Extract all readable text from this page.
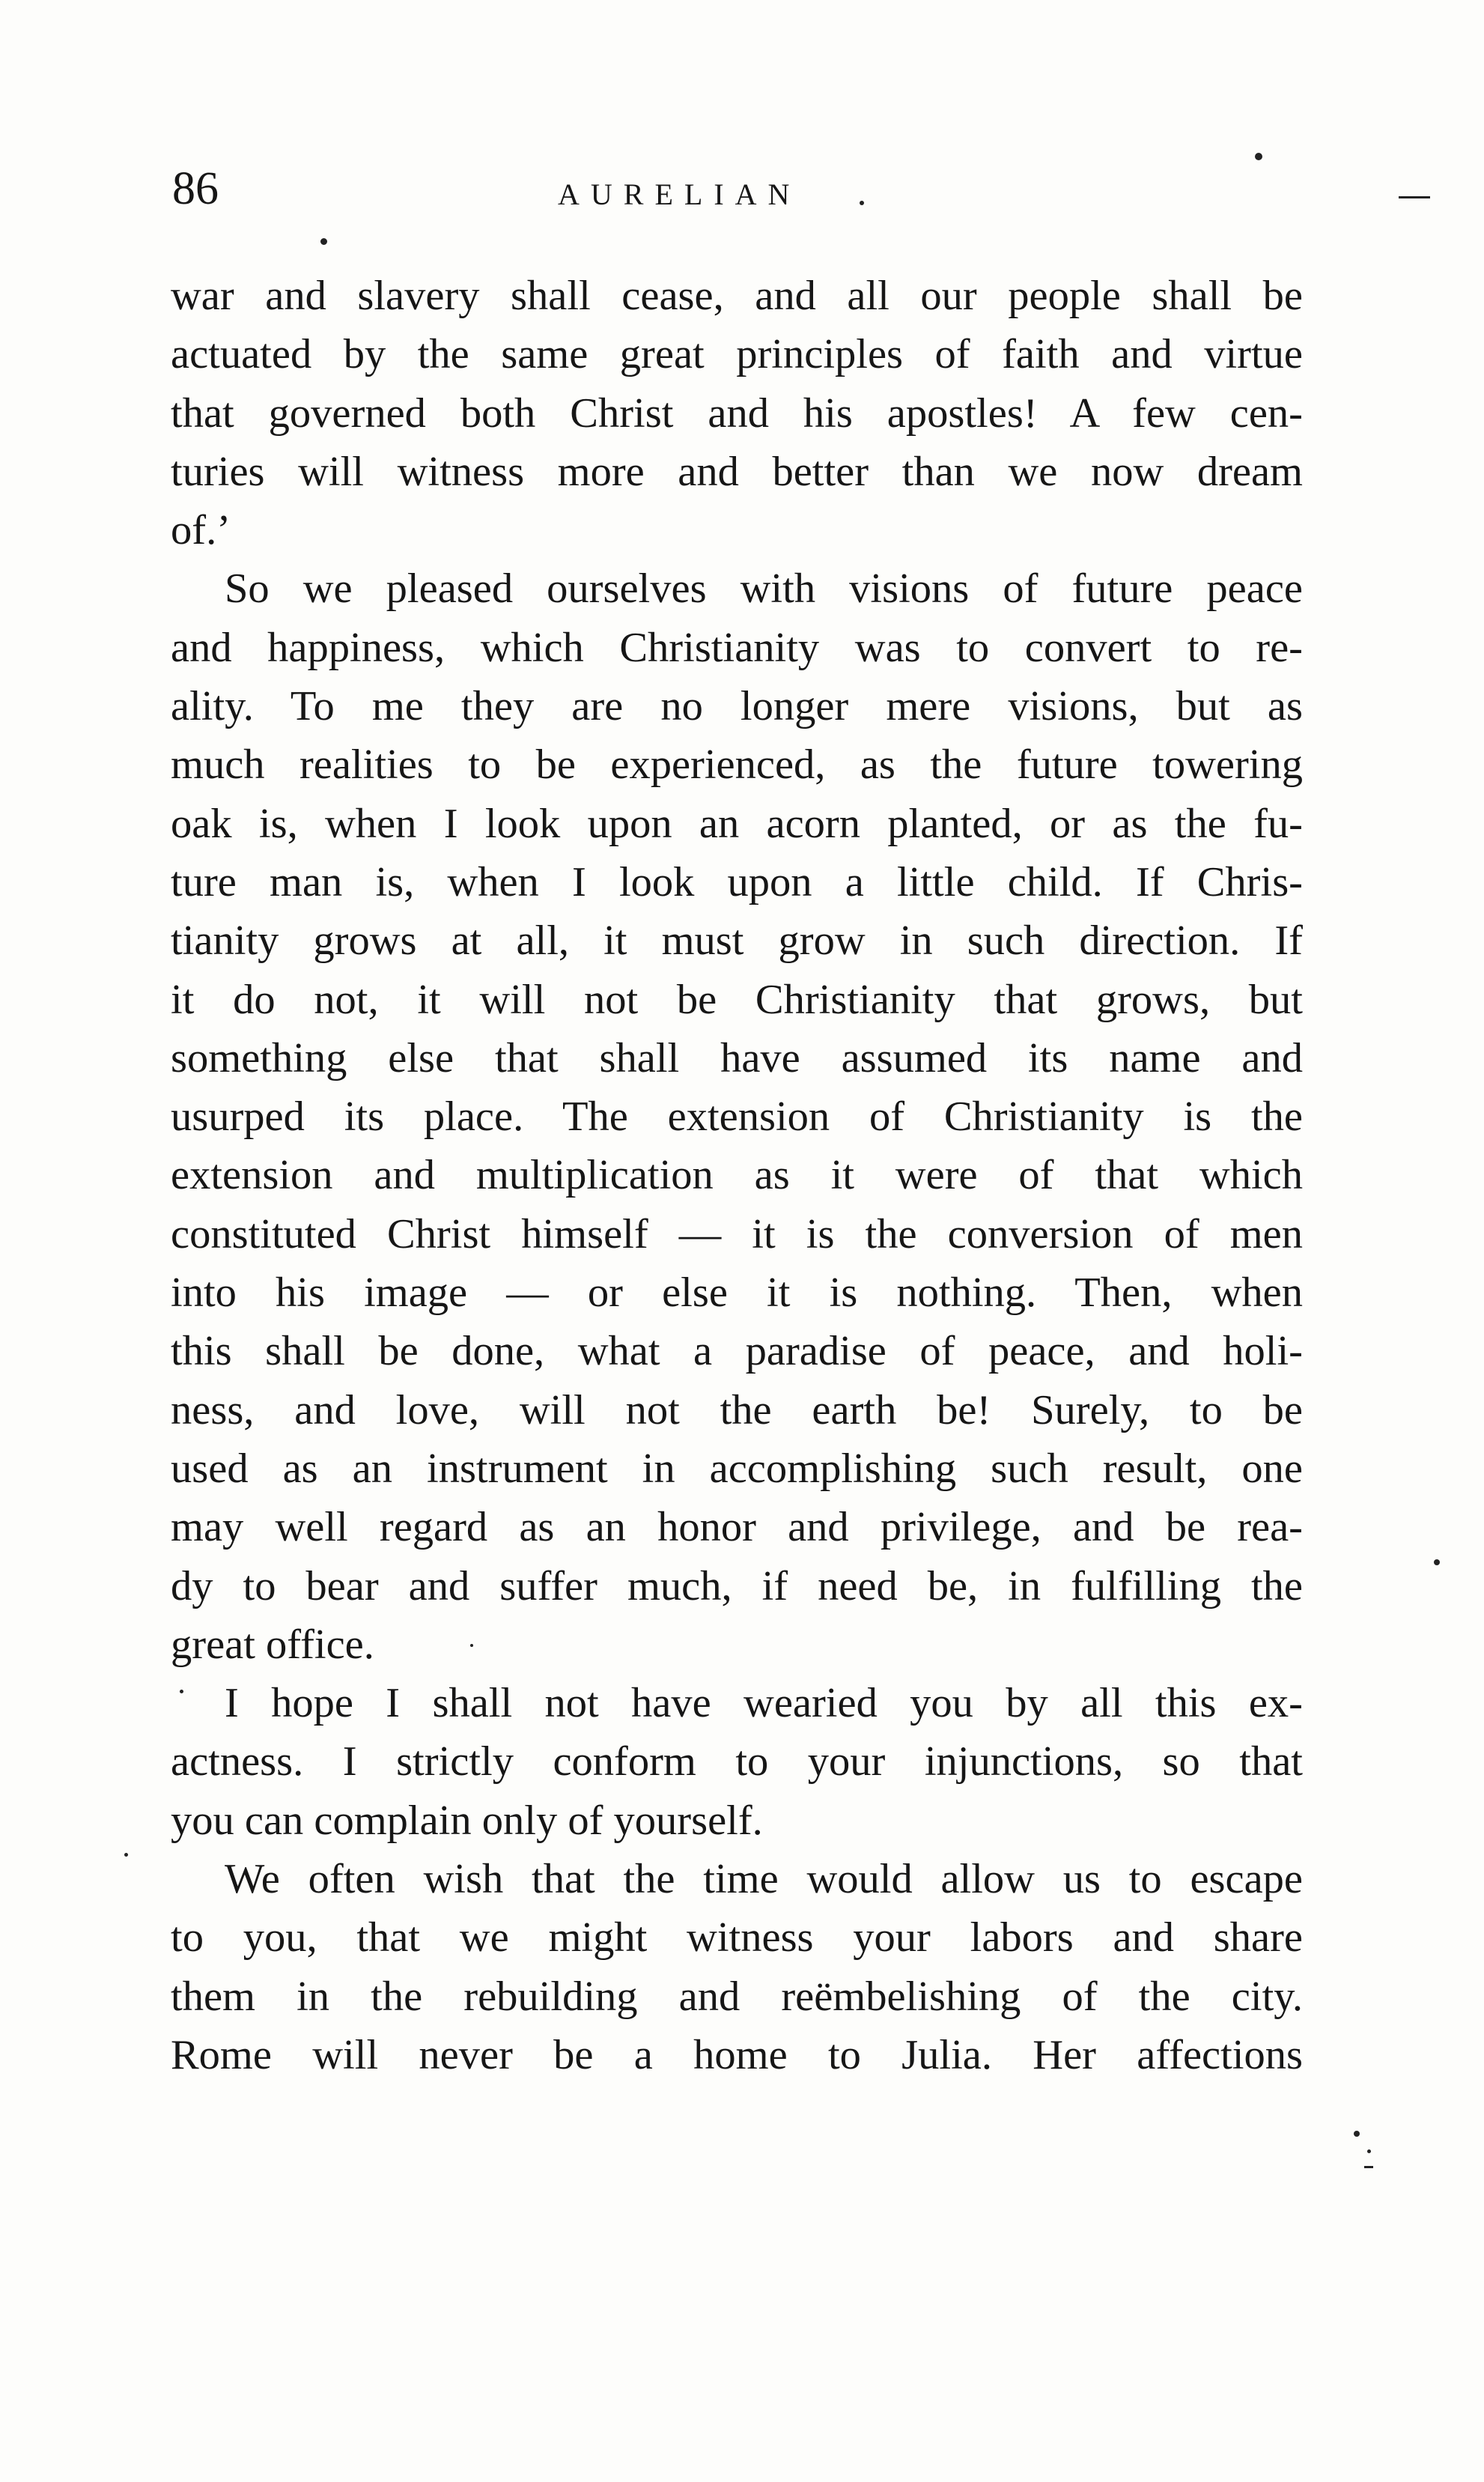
86	AURELIAN
war and slavery shall cease, and all our people shall be
actuated by the same great principles of faith and virtue
that governed both Christ and his apostles! A few cen-
turies will witness more and better than we now dream
of.’
So we pleased ourselves with visions of future peace
and happiness, which Christianity was to convert to re-
ality. To me they are no longer mere visions, but as
much realities to be experienced, as the future towering
oak is, when I look upon an acorn planted, or as the fu-
ture man is, when I look upon a little child. If Chris-
tianity grows at all, it must grow in such direction. If
it do not, it will not be Christianity that grows, but
something else that shall have assumed its name and
usurped its place. The extension of Christianity is the
extension and multiplication as it were of that which
constituted Christ himself — it is the conversion of men
into his image — or else it is nothing. Then, when
this shall be done, what a paradise of peace, and holi-
ness, and love, will not the earth be! Surely, to be
used as an instrument in accomplishing such result, one
may well regard as an honor and privilege, and be rea-
dy to bear and suffer much, if need be, in fulfilling the
great office.
I hope I shall not have wearied you by all this ex-
actness. I strictly conform to your injunctions, so that
you can complain only of yourself.
We often wish that the time would allow us to escape
to you, that we might witness your labors and share
them in the rebuilding and reëmbelishing of the city.
Rome will never be a home to Julia. Her affections
